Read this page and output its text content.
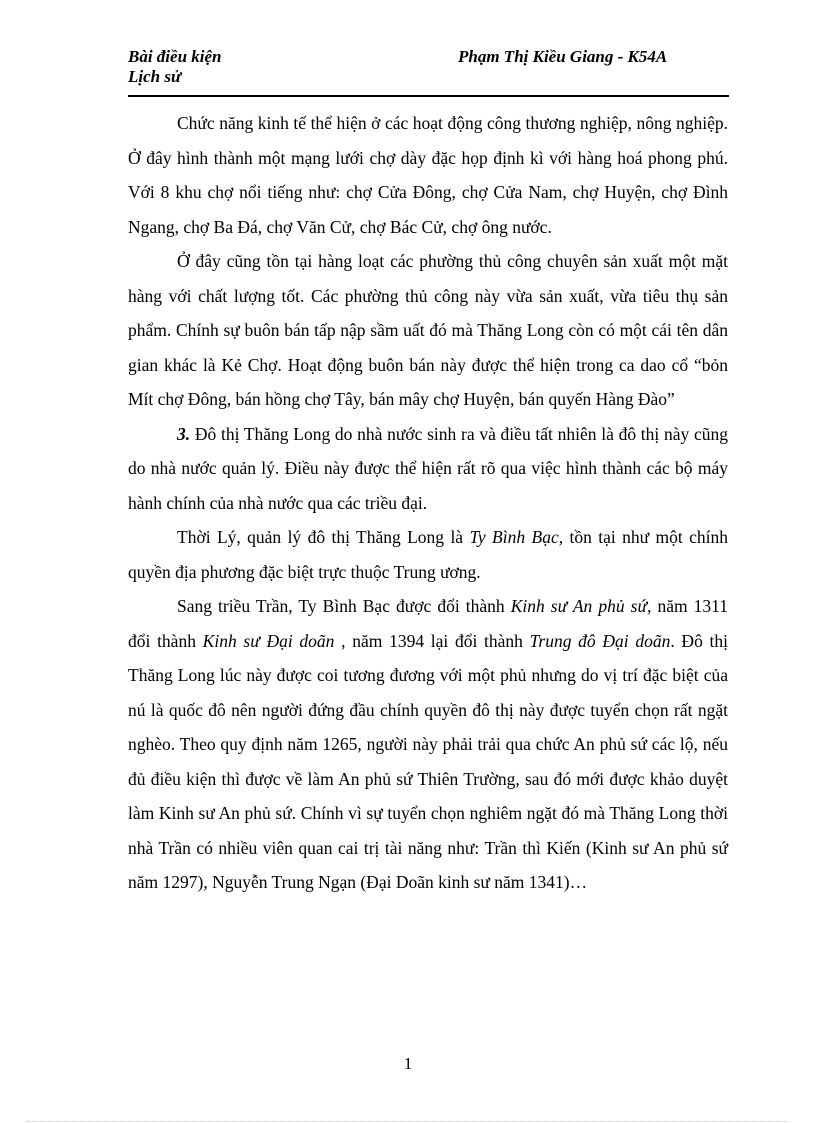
Bài điều kiện
Lịch sử
Phạm Thị Kiều Giang - K54A

Chức năng kinh tế thể hiện ở các hoạt động công thương nghiệp, nông nghiệp. Ở đây hình thành một mạng lưới chợ dày đặc họp định kì với hàng hoá phong phú. Với 8 khu chợ nổi tiếng như: chợ Cửa Đông, chợ Cửa Nam, chợ Huyện, chợ Đình Ngang, chợ Ba Đá, chợ Văn Cử, chợ Bác Cử, chợ ông nước.

Ở đây cũng tồn tại hàng loạt các phường thủ công chuyên sản xuất một mặt hàng với chất lượng tốt. Các phường thủ công này vừa sản xuất, vừa tiêu thụ sản phẩm. Chính sự buôn bán tấp nập sầm uất đó mà Thăng Long còn có một cái tên dân gian khác là Kẻ Chợ. Hoạt động buôn bán này được thể hiện trong ca dao cổ “bỏn Mít chợ Đông, bán hồng chợ Tây, bán mây chợ Huyện, bán quyến Hàng Đào”

3. Đô thị Thăng Long do nhà nước sinh ra và điều tất nhiên là đô thị này cũng do nhà nước quản lý. Điều này được thể hiện rất rõ qua việc hình thành các bộ máy hành chính của nhà nước qua các triều đại.

Thời Lý, quản lý đô thị Thăng Long là Ty Bình Bạc, tồn tại như một chính quyền địa phương đặc biệt trực thuộc Trung ương.

Sang triều Trần, Ty Bình Bạc được đổi thành Kinh sư An phủ sứ, năm 1311 đổi thành Kinh sư Đại doãn , năm 1394 lại đổi thành Trung đô Đại doãn. Đô thị Thăng Long lúc này được coi tương đương với một phủ nhưng do vị trí đặc biệt của nú là quốc đô nên người đứng đầu chính quyền đô thị này được tuyển chọn rất ngặt nghèo. Theo quy định năm 1265, người này phải trải qua chức An phủ sứ các lộ, nếu đủ điều kiện thì được về làm An phủ sứ Thiên Trường, sau đó mới được khảo duyệt làm Kinh sư An phủ sứ. Chính vì sự tuyển chọn nghiêm ngặt đó mà Thăng Long thời nhà Trần có nhiều viên quan cai trị tài năng như: Trần thì Kiến (Kinh sư An phủ sứ năm 1297), Nguyễn Trung Ngạn (Đại Doãn kinh sư năm 1341)…

1
